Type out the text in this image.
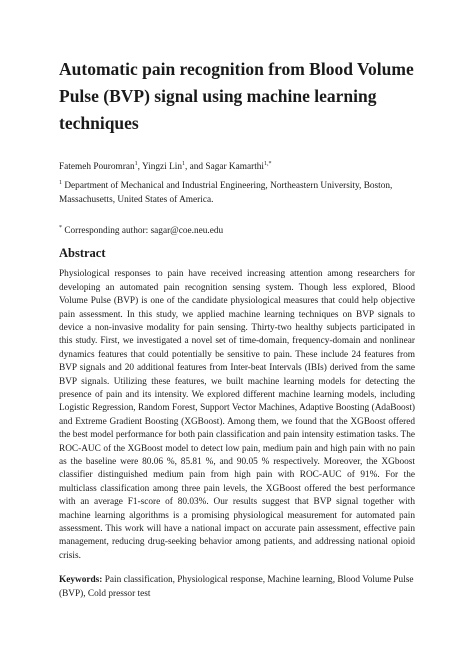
Automatic pain recognition from Blood Volume Pulse (BVP) signal using machine learning techniques

Fatemeh Pouromran$^1$, Yingzi Lin$^1$, and Sagar Kamarthi$^{1,*}$

$^1$ Department of Mechanical and Industrial Engineering, Northeastern University, Boston, Massachusetts, United States of America.

* Corresponding author: sagar@coe.neu.edu

Abstract

Physiological responses to pain have received increasing attention among researchers for developing an automated pain recognition sensing system. Though less explored, Blood Volume Pulse (BVP) is one of the candidate physiological measures that could help objective pain assessment. In this study, we applied machine learning techniques on BVP signals to device a non-invasive modality for pain sensing. Thirty-two healthy subjects participated in this study. First, we investigated a novel set of time-domain, frequency-domain and nonlinear dynamics features that could potentially be sensitive to pain. These include 24 features from BVP signals and 20 additional features from Inter-beat Intervals (IBIs) derived from the same BVP signals. Utilizing these features, we built machine learning models for detecting the presence of pain and its intensity. We explored different machine learning models, including Logistic Regression, Random Forest, Support Vector Machines, Adaptive Boosting (AdaBoost) and Extreme Gradient Boosting (XGBoost). Among them, we found that the XGBoost offered the best model performance for both pain classification and pain intensity estimation tasks. The ROC-AUC of the XGBoost model to detect low pain, medium pain and high pain with no pain as the baseline were 80.06 %, 85.81 %, and 90.05 % respectively. Moreover, the XGboost classifier distinguished medium pain from high pain with ROC-AUC of 91%. For the multiclass classification among three pain levels, the XGBoost offered the best performance with an average F1-score of 80.03%. Our results suggest that BVP signal together with machine learning algorithms is a promising physiological measurement for automated pain assessment. This work will have a national impact on accurate pain assessment, effective pain management, reducing drug-seeking behavior among patients, and addressing national opioid crisis.

Keywords: Pain classification, Physiological response, Machine learning, Blood Volume Pulse (BVP), Cold pressor test
